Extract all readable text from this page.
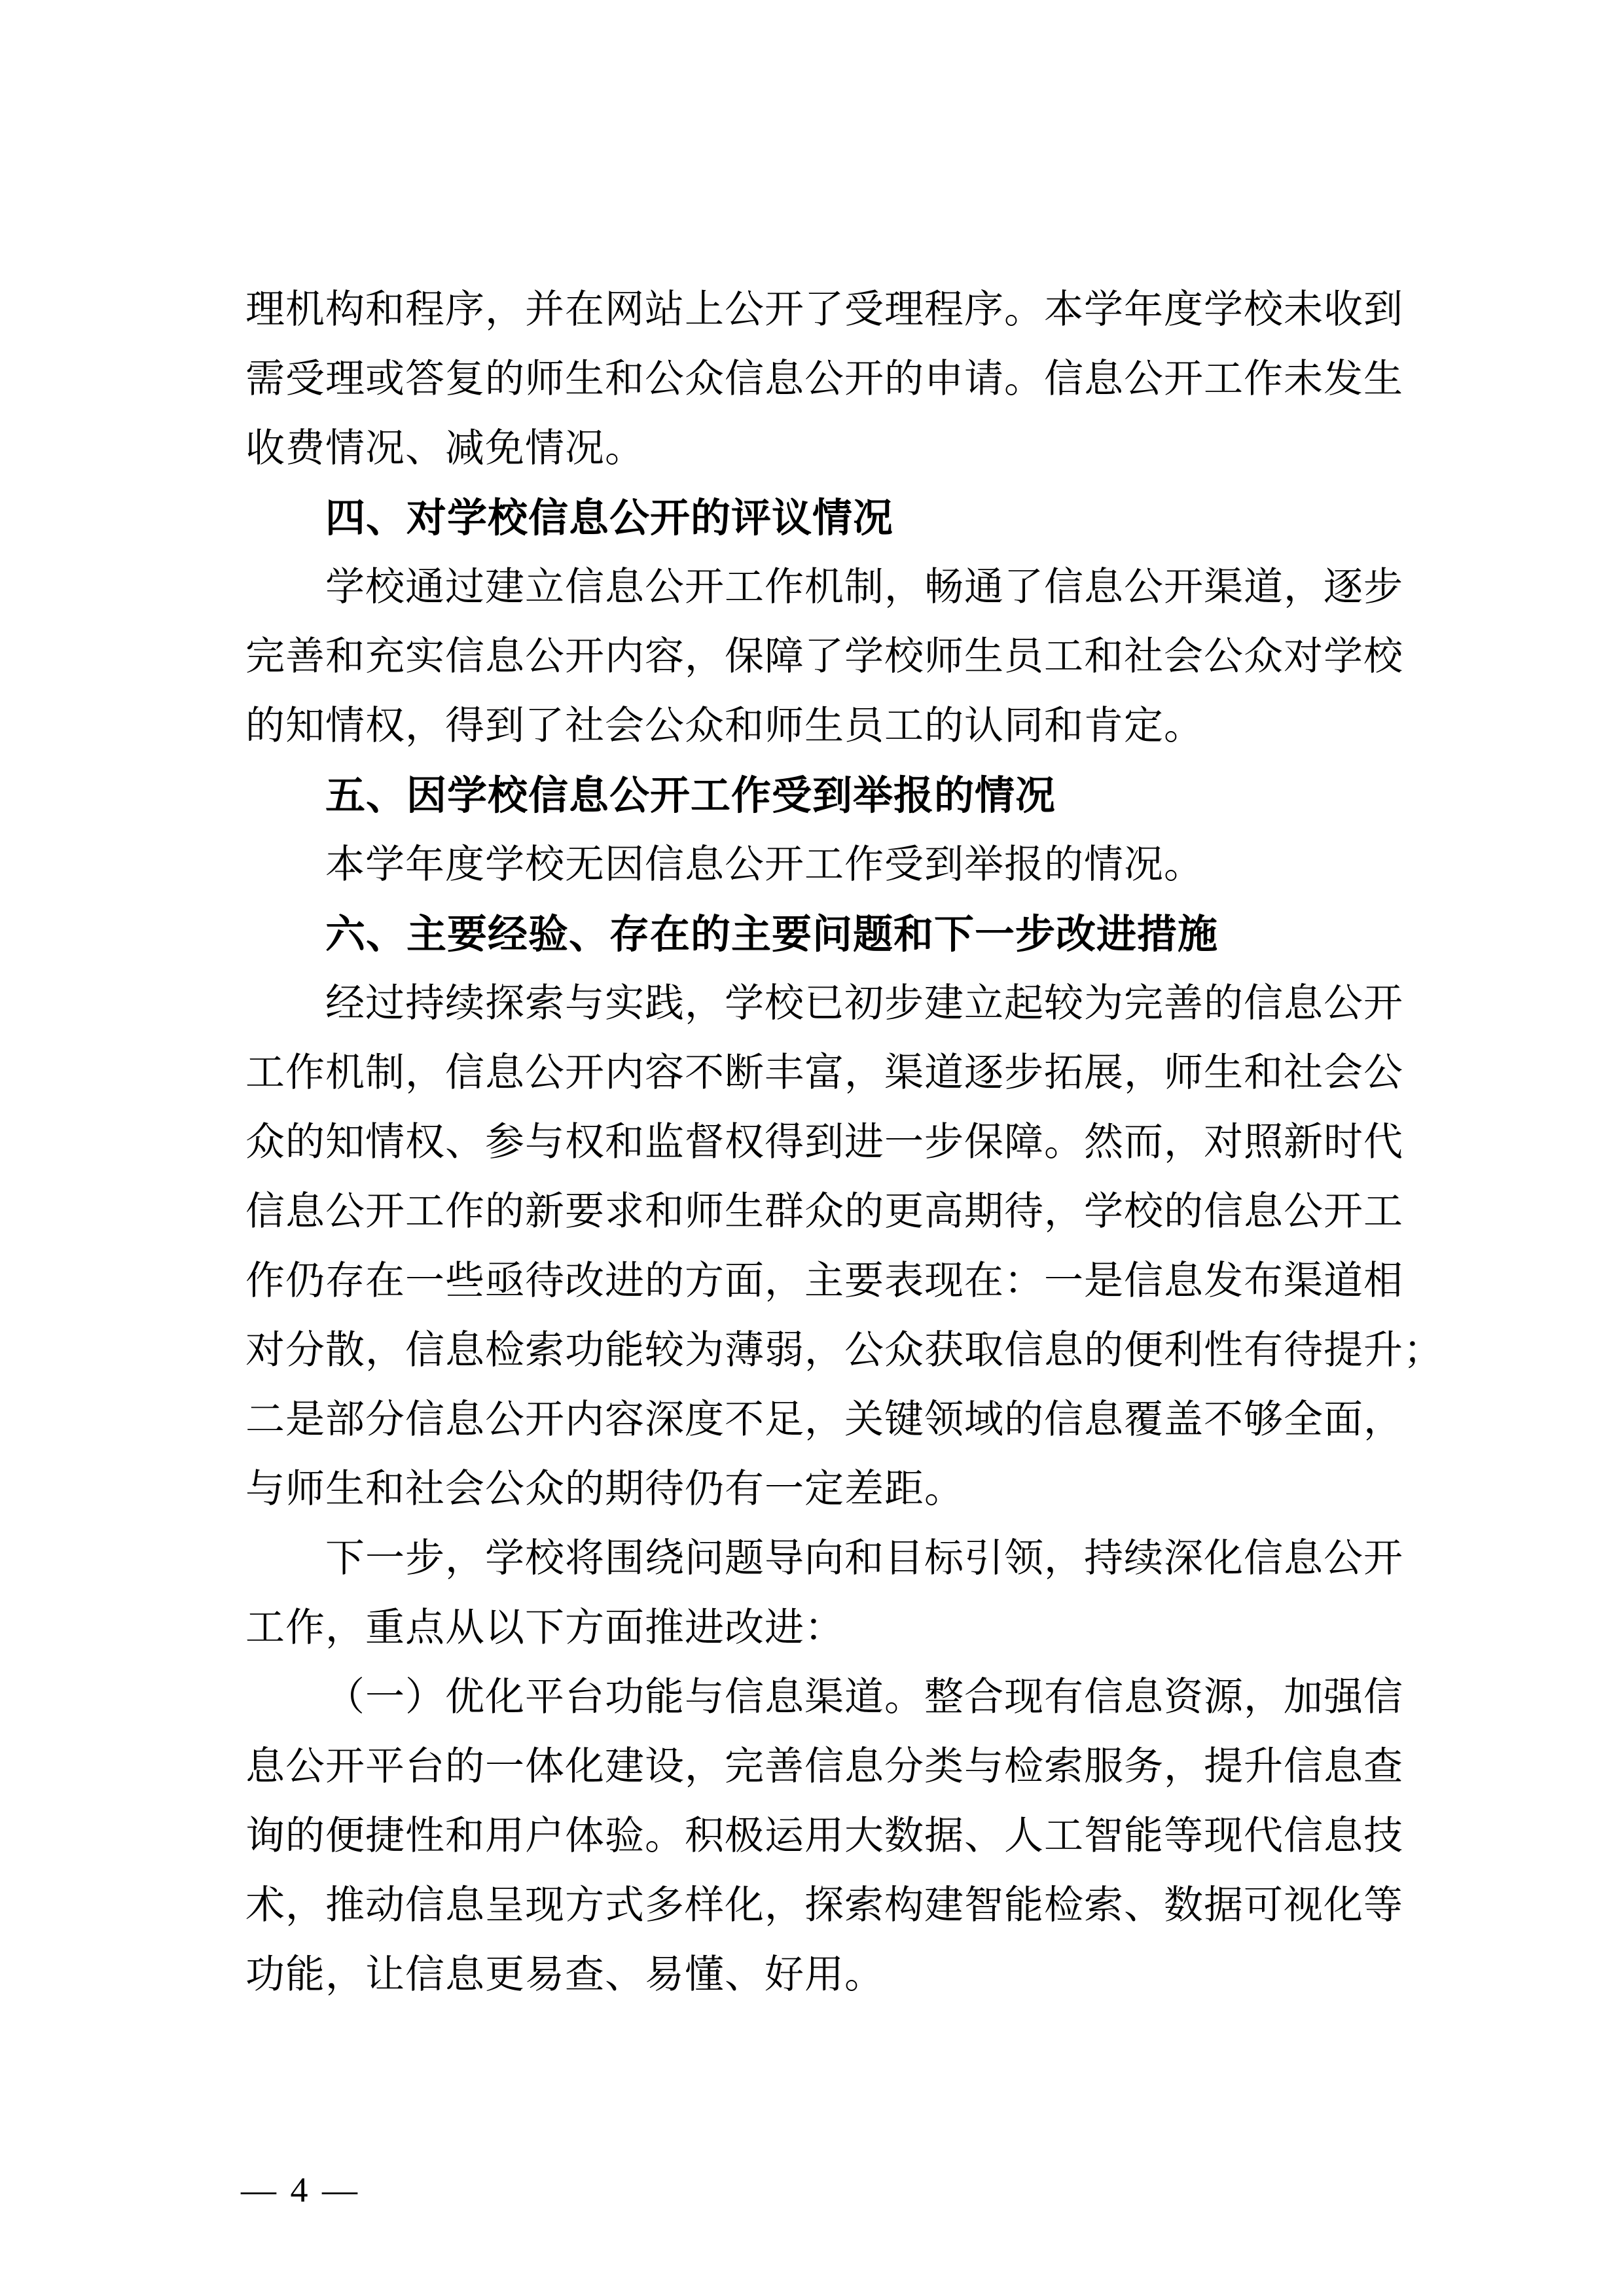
理机构和程序，并在网站上公开了受理程序。本学年度学校未收到
需受理或答复的师生和公众信息公开的申请。信息公开工作未发生
收费情况、减免情况。
四、对学校信息公开的评议情况
学校通过建立信息公开工作机制，畅通了信息公开渠道，逐步
完善和充实信息公开内容，保障了学校师生员工和社会公众对学校
的知情权，得到了社会公众和师生员工的认同和肯定。
五、因学校信息公开工作受到举报的情况
本学年度学校无因信息公开工作受到举报的情况。
六、主要经验、存在的主要问题和下一步改进措施
经过持续探索与实践，学校已初步建立起较为完善的信息公开
工作机制，信息公开内容不断丰富，渠道逐步拓展，师生和社会公
众的知情权、参与权和监督权得到进一步保障。然而，对照新时代
信息公开工作的新要求和师生群众的更高期待，学校的信息公开工
作仍存在一些亟待改进的方面，主要表现在：一是信息发布渠道相
对分散，信息检索功能较为薄弱，公众获取信息的便利性有待提升；
二是部分信息公开内容深度不足，关键领域的信息覆盖不够全面，
与师生和社会公众的期待仍有一定差距。
下一步，学校将围绕问题导向和目标引领，持续深化信息公开
工作，重点从以下方面推进改进：
（一）优化平台功能与信息渠道。整合现有信息资源，加强信
息公开平台的一体化建设，完善信息分类与检索服务，提升信息查
询的便捷性和用户体验。积极运用大数据、人工智能等现代信息技
术，推动信息呈现方式多样化，探索构建智能检索、数据可视化等
功能，让信息更易查、易懂、好用。
— 4 —
